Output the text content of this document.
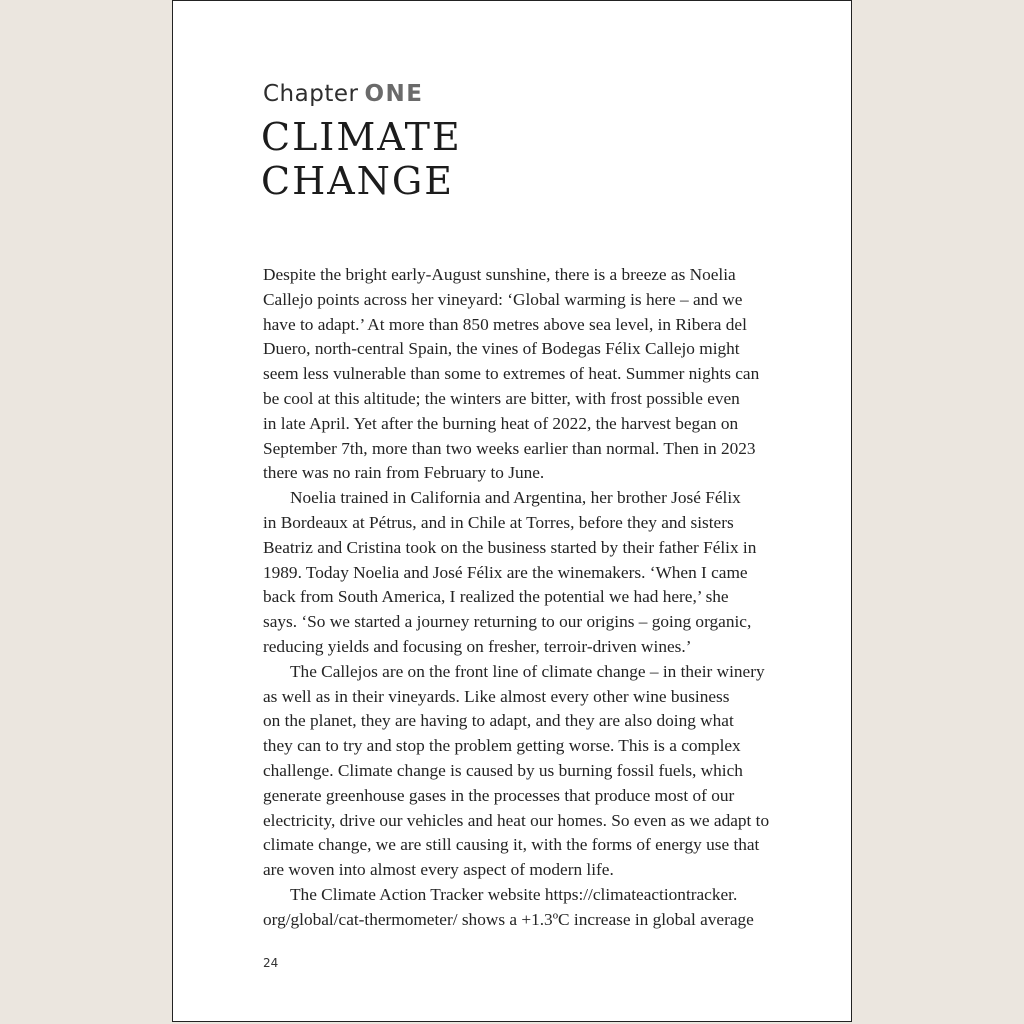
Chapter ONE
CLIMATE
CHANGE
Despite the bright early-August sunshine, there is a breeze as Noelia
Callejo points across her vineyard: ‘Global warming is here – and we
have to adapt.’ At more than 850 metres above sea level, in Ribera del
Duero, north-central Spain, the vines of Bodegas Félix Callejo might
seem less vulnerable than some to extremes of heat. Summer nights can
be cool at this altitude; the winters are bitter, with frost possible even
in late April. Yet after the burning heat of 2022, the harvest began on
September 7th, more than two weeks earlier than normal. Then in 2023
there was no rain from February to June.
Noelia trained in California and Argentina, her brother José Félix
in Bordeaux at Pétrus, and in Chile at Torres, before they and sisters
Beatriz and Cristina took on the business started by their father Félix in
1989. Today Noelia and José Félix are the winemakers. ‘When I came
back from South America, I realized the potential we had here,’ she
says. ‘So we started a journey returning to our origins – going organic,
reducing yields and focusing on fresher, terroir-driven wines.’
The Callejos are on the front line of climate change – in their winery
as well as in their vineyards. Like almost every other wine business
on the planet, they are having to adapt, and they are also doing what
they can to try and stop the problem getting worse. This is a complex
challenge. Climate change is caused by us burning fossil fuels, which
generate greenhouse gases in the processes that produce most of our
electricity, drive our vehicles and heat our homes. So even as we adapt to
climate change, we are still causing it, with the forms of energy use that
are woven into almost every aspect of modern life.
The Climate Action Tracker website https://climateactiontracker.
org/global/cat-thermometer/ shows a +1.3ºC increase in global average
24
